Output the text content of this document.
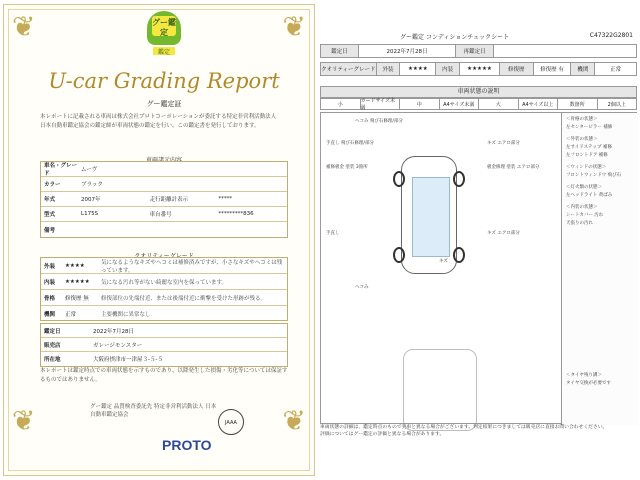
❦	❦
❦	❦
グー鑑定
鑑定
U-car Grading Report
グー鑑定証
本レポートに記載される車両は株式会社プロトコーポレーションが委託する特定非営利活動法人日本自動車鑑定協会の鑑定師が車両状態の鑑定を行い、この鑑定書を発行しております。
車名・グレード
ムーヴ
カラー	ブラック
年式	2007年	走行距離計表示	*****
型式	L175S	車台番号	*********836
備考
外装	★★★★	気になるようなキズやヘコミは補修済みですが、小さなキズやヘコミは残っています。
内装	★★★★★	気になる汚れ等がない綺麗な室内を保っています。
骨格	修復歴 無	修復部位の先端付近、または後端付近に衝撃を受けた形跡が残る。
機関	正常	主要機関に異常なし
鑑定日	2022年7月28日
販売店	ガレージモンスター
所在地	大阪府摂津市一津屋３-５-５
本レポートは鑑定時点での車両状態を示すものであり、以降発生した損傷・劣化等については保証するものではありません。
グー鑑定 品質検査委託先 特定非営利活動法人 日本自動車鑑定協会
JAAA
PROTO
グー鑑定 コンディションチェックシート	C47322G2801
鑑定日	2022年7月28日	再鑑定日
クオリティーグレード	外装	★★★★	内装	★★★★★	修復歴	修復歴 有	機関	正常
車両状態の説明
小
カードサイズ未満
中	A4サイズ未満	大	A4サイズ以上	数箇所	2個以上
ヘコみ 飛び石修理/部分
手直し 飛び石修理/部分	キズ エアロ部分
補修板金 塗装 3箇所	板金修理 塗装 エアロ部分
手直し	キズ エアロ部分
ヘコみ
キズ
＜骨格の状態＞
左センターピラー 補修
＜外装の状態＞
左サイドステップ 補修
左フロントドア 補修
＜ウィンドの状態＞
フロントウィンドウ 飛び石
＜灯火類の状態＞
左ヘッドライト 黄ばみ
＜内装の状態＞
シートカバー 汚れ
天張りの汚れ
＜タイヤ残り溝＞
タイヤ交換が必要です
車両状態の詳細は、鑑定時点のもので実車と異なる場合がございます。判定結果につきましては販売店に直接お問い合わせください。
評価についてはグー鑑定の評価と異なる場合があります。
